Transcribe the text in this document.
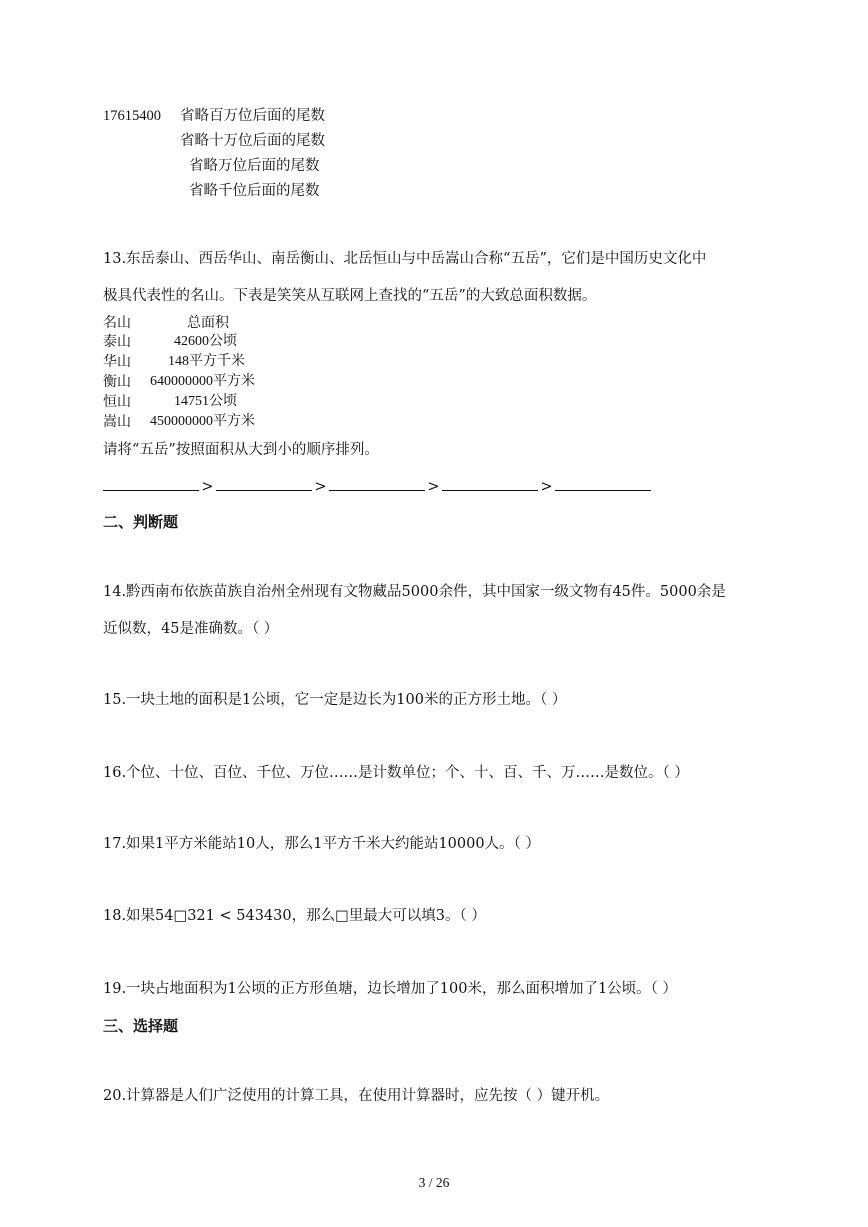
17615400 省略百万位后面的尾数
省略十万位后面的尾数
省略万位后面的尾数
省略千位后面的尾数
13.东岳泰山、西岳华山、南岳衡山、北岳恒山与中岳嵩山合称“五岳”，它们是中国历史文化中
极具代表性的名山。下表是笑笑从互联网上查找的“五岳”的大致总面积数据。
名山	总面积
泰山	42600公顷
华山	148平方千米
衡山 640000000平方米
恒山	14751公顷
嵩山 450000000平方米
请将“五岳”按照面积从大到小的顺序排列。
>	>	>	>
二、判断题
14.黔西南布依族苗族自治州全州现有文物藏品5000余件，其中国家一级文物有45件。5000余是
近似数，45是准确数。（ ）
15.一块土地的面积是1公顷，它一定是边长为100米的正方形土地。（ ）
16.个位、十位、百位、千位、万位……是计数单位；个、十、百、千、万……是数位。（ ）
17.如果1平方米能站10人，那么1平方千米大约能站10000人。（ ）
18.如果54□321 < 543430，那么□里最大可以填3。（ ）
19.一块占地面积为1公顷的正方形鱼塘，边长增加了100米，那么面积增加了1公顷。（ ）
三、选择题
20.计算器是人们广泛使用的计算工具，在使用计算器时，应先按（ ）键开机。
3 / 26
